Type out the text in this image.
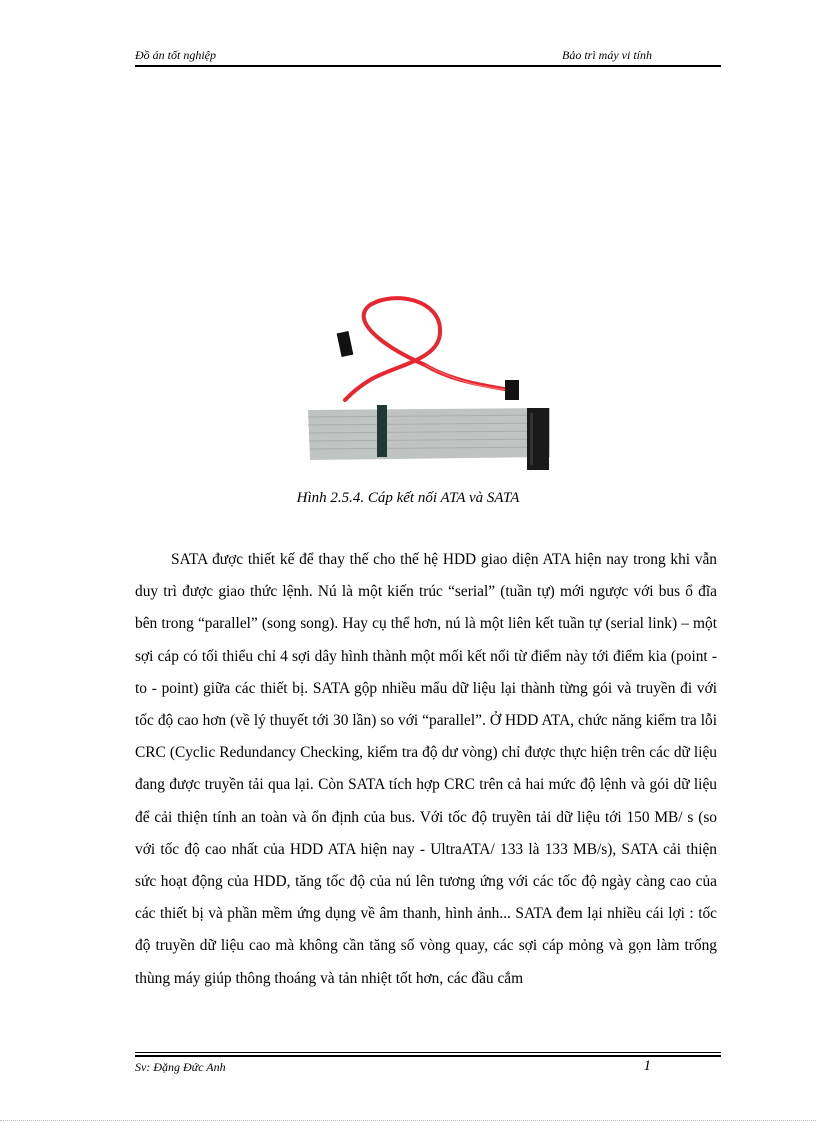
Đồ án tốt nghiệp	Bảo trì máy vi tính
Hình 2.5.4. Cáp kết nối ATA và SATA

SATA được thiết kế để thay thế cho thế hệ HDD giao diện ATA hiện nay trong khi vẫn duy trì được giao thức lệnh. Nú là một kiến trúc “serial” (tuần tự) mới ngược với bus ổ đĩa bên trong “parallel” (song song). Hay cụ thể hơn, nú là một liên kết tuần tự (serial link) – một sợi cáp có tối thiểu chỉ 4 sợi dây hình thành một mối kết nối từ điểm này tới điểm kia (point - to - point) giữa các thiết bị. SATA gộp nhiều mẩu dữ liệu lại thành từng gói và truyền đi với tốc độ cao hơn (về lý thuyết tới 30 lần) so với “parallel”. Ở HDD ATA, chức năng kiểm tra lỗi CRC (Cyclic Redundancy Checking, kiểm tra độ dư vòng) chỉ được thực hiện trên các dữ liệu đang được truyền tải qua lại. Còn SATA tích hợp CRC trên cả hai mức độ lệnh và gói dữ liệu để cải thiện tính an toàn và ổn định của bus. Với tốc độ truyền tải dữ liệu tới 150 MB/ s (so với tốc độ cao nhất của HDD ATA hiện nay - UltraATA/ 133 là 133 MB/s), SATA cải thiện sức hoạt động của HDD, tăng tốc độ của nú lên tương ứng với các tốc độ ngày càng cao của các thiết bị và phần mềm ứng dụng về âm thanh, hình ảnh... SATA đem lại nhiều cái lợi : tốc độ truyền dữ liệu cao mà không cần tăng số vòng quay, các sợi cáp mỏng và gọn làm trống thùng máy giúp thông thoáng và tản nhiệt tốt hơn, các đầu cắm

Sv: Đặng Đức Anh	1
